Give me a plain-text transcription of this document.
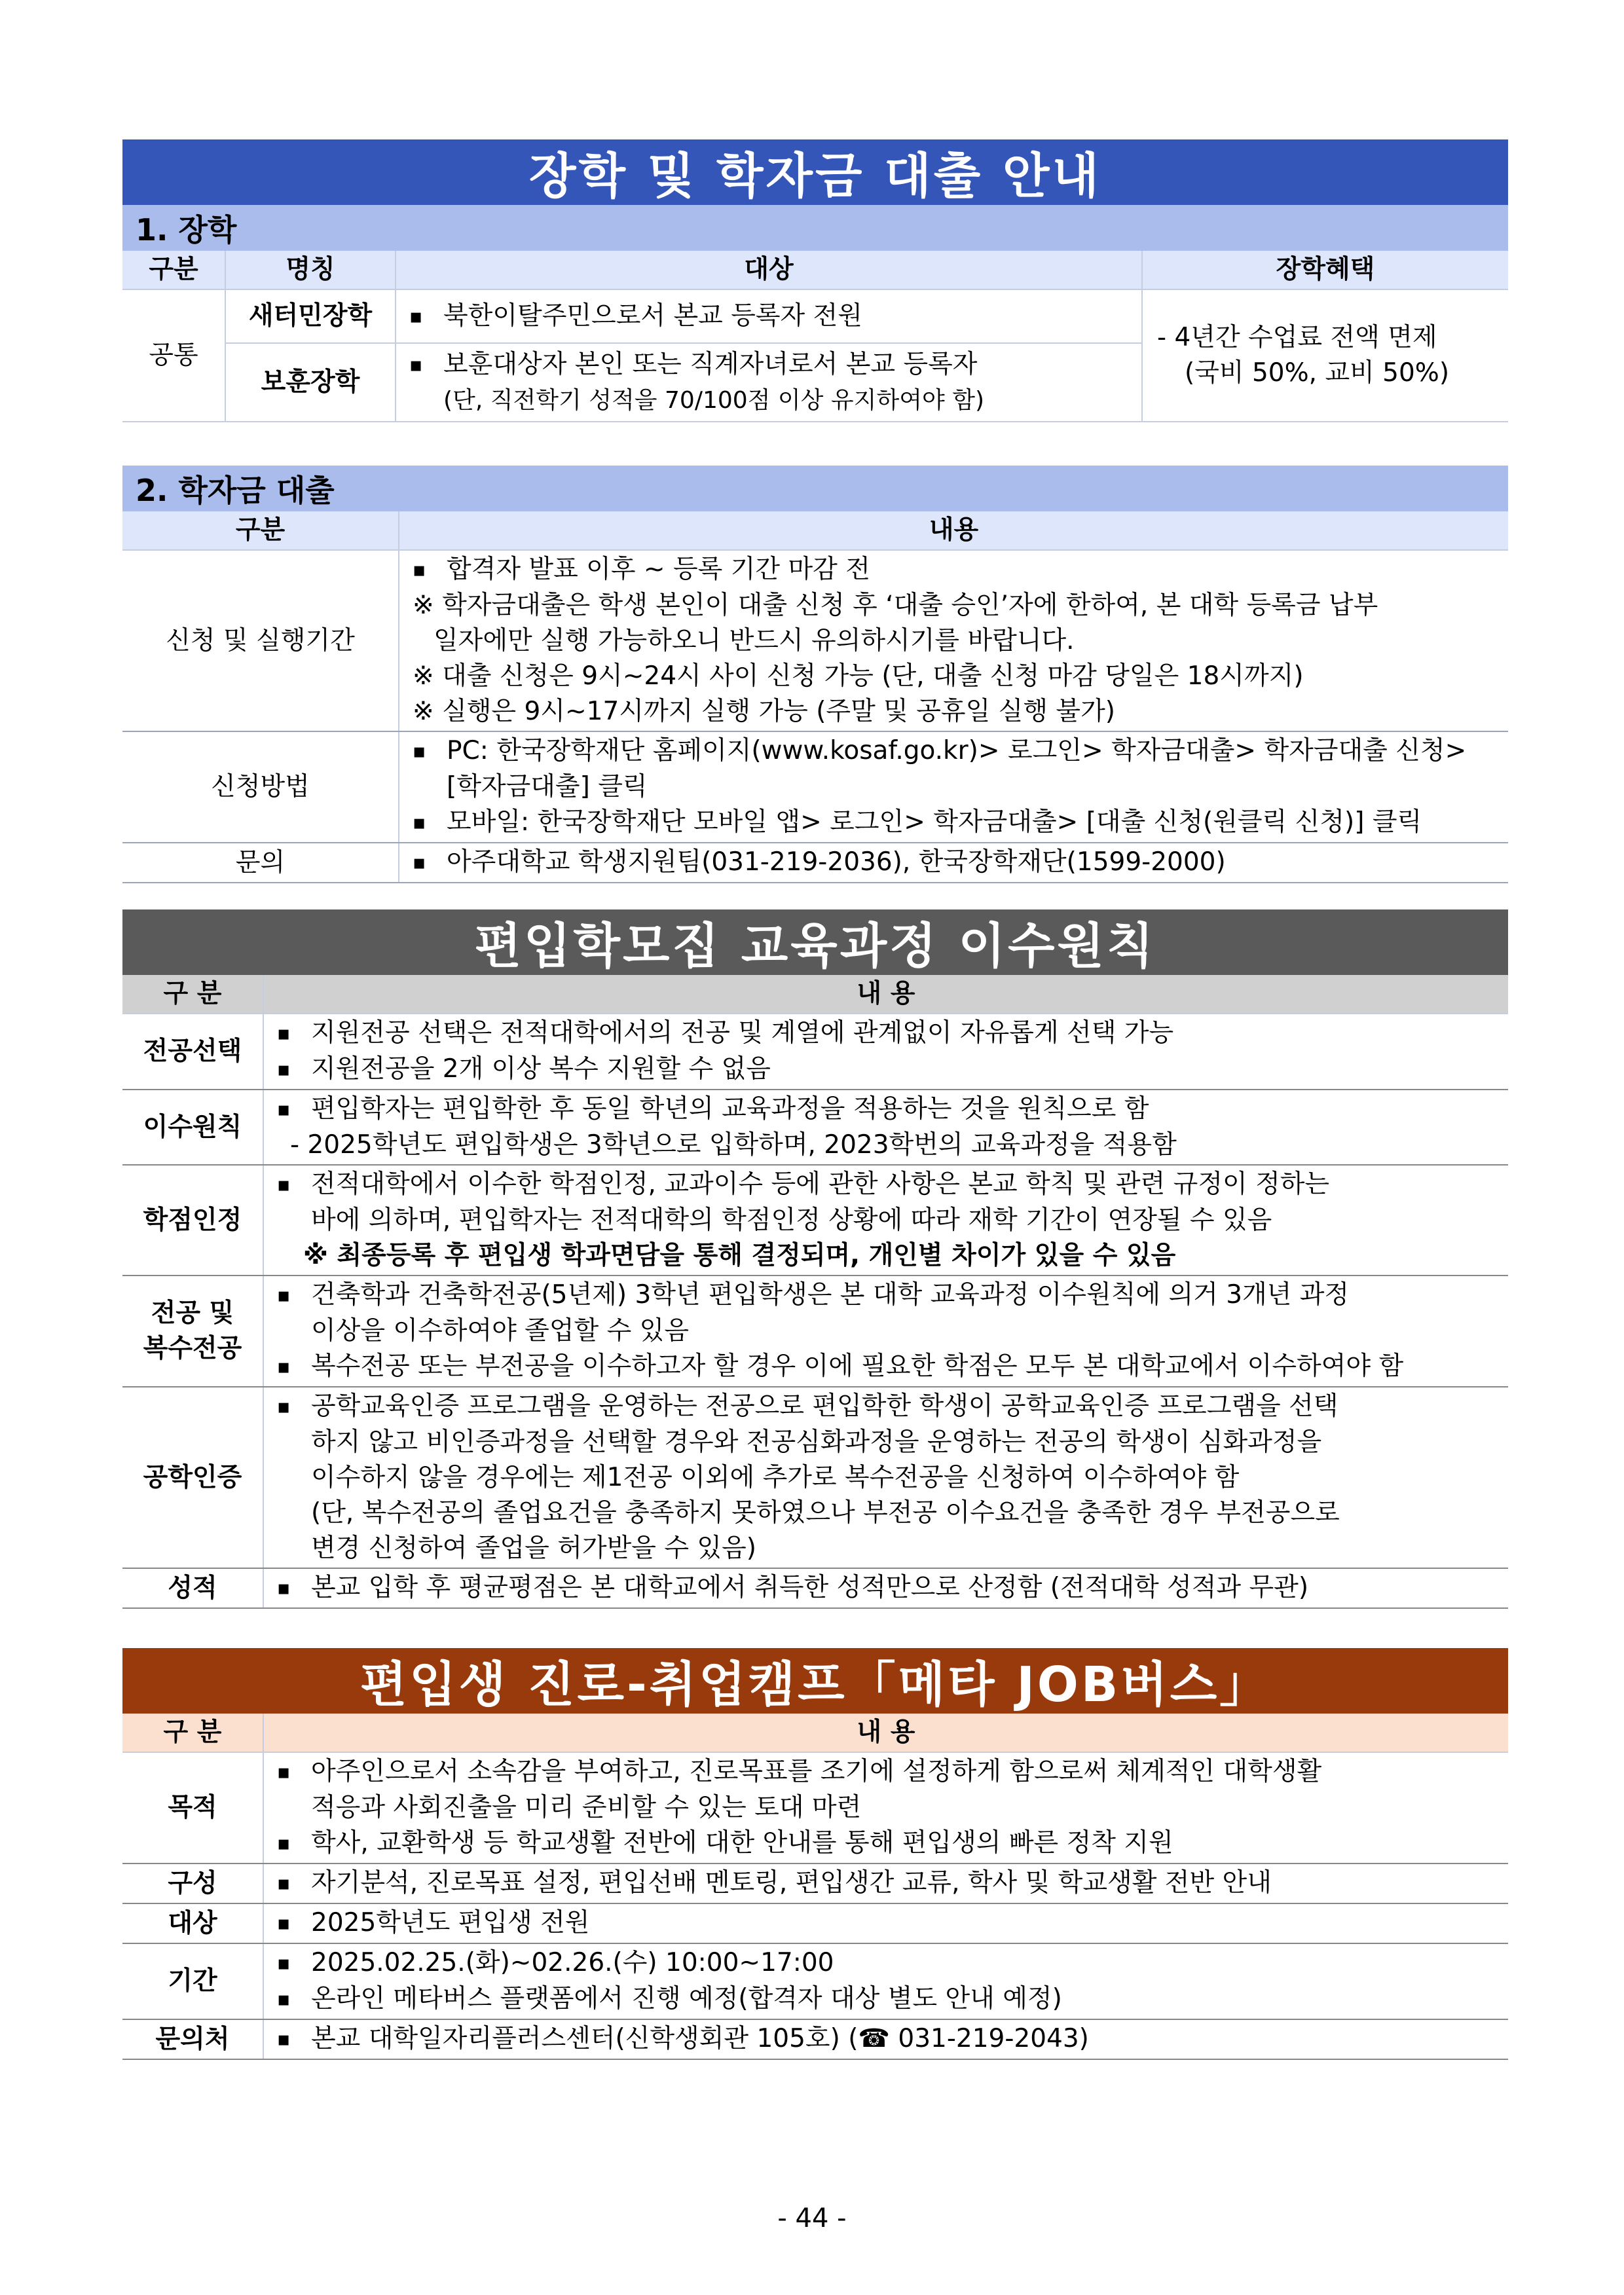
장학 및 학자금 대출 안내
1. 장학
구분	명칭	대상	장학혜택
공통	새터민장학	▪북한이탈주민으로서 본교 등록자 전원	- 4년간 수업료 전액 면제
(국비 50%, 교비 50%)

	보훈장학	
▪ 보훈대상자 본인 또는 직계자녀로서 본교 등록자
(단, 직전학기 성적을 70/100점 이상 유지하여야 함)
2. 학자금 대출
구분	내용
신청 및 실행기간	
▪ 합격자 발표 이후 ~ 등록 기간 마감 전
※ 학자금대출은 학생 본인이 대출 신청 후 ‘대출 승인’자에 한하여, 본 대학 등록금 납부
일자에만 실행 가능하오니 반드시 유의하시기를 바랍니다.
※ 대출 신청은 9시~24시 사이 신청 가능 (단, 대출 신청 마감 당일은 18시까지)
※ 실행은 9시~17시까지 실행 가능 (주말 및 공휴일 실행 불가)

신청방법	
▪ PC: 한국장학재단 홈페이지(www.kosaf.go.kr)> 로그인> 학자금대출> 학자금대출 신청>
[학자금대출] 클릭
▪ 모바일: 한국장학재단 모바일 앱> 로그인> 학자금대출> [대출 신청(원클릭 신청)] 클릭

문의	▪아주대학교 학생지원팀(031-219-2036), 한국장학재단(1599-2000)
편입학모집 교육과정 이수원칙
구 분	내 용
전공선택	
▪ 지원전공 선택은 전적대학에서의 전공 및 계열에 관계없이 자유롭게 선택 가능
▪ 지원전공을 2개 이상 복수 지원할 수 없음

이수원칙	
▪ 편입학자는 편입학한 후 동일 학년의 교육과정을 적용하는 것을 원칙으로 함
- 2025학년도 편입학생은 3학년으로 입학하며, 2023학번의 교육과정을 적용함

학점인정	
▪ 전적대학에서 이수한 학점인정, 교과이수 등에 관한 사항은 본교 학칙 및 관련 규정이 정하는
바에 의하며, 편입학자는 전적대학의 학점인정 상황에 따라 재학 기간이 연장될 수 있음
※ 최종등록 후 편입생 학과면담을 통해 결정되며, 개인별 차이가 있을 수 있음

전공 및
복수전공

▪ 건축학과 건축학전공(5년제) 3학년 편입학생은 본 대학 교육과정 이수원칙에 의거 3개년 과정
이상을 이수하여야 졸업할 수 있음
▪ 복수전공 또는 부전공을 이수하고자 할 경우 이에 필요한 학점은 모두 본 대학교에서 이수하여야 함

공학인증	
▪ 공학교육인증 프로그램을 운영하는 전공으로 편입학한 학생이 공학교육인증 프로그램을 선택
하지 않고 비인증과정을 선택할 경우와 전공심화과정을 운영하는 전공의 학생이 심화과정을
이수하지 않을 경우에는 제1전공 이외에 추가로 복수전공을 신청하여 이수하여야 함
(단, 복수전공의 졸업요건을 충족하지 못하였으나 부전공 이수요건을 충족한 경우 부전공으로
변경 신청하여 졸업을 허가받을 수 있음)

성적	▪본교 입학 후 평균평점은 본 대학교에서 취득한 성적만으로 산정함 (전적대학 성적과 무관)
편입생 진로-취업캠프「메타 JOB버스」
구 분	내 용
목적	
▪ 아주인으로서 소속감을 부여하고, 진로목표를 조기에 설정하게 함으로써 체계적인 대학생활
적응과 사회진출을 미리 준비할 수 있는 토대 마련
▪ 학사, 교환학생 등 학교생활 전반에 대한 안내를 통해 편입생의 빠른 정착 지원

구성	▪자기분석, 진로목표 설정, 편입선배 멘토링, 편입생간 교류, 학사 및 학교생활 전반 안내
대상	▪2025학년도 편입생 전원
기간	
▪ 2025.02.25.(화)~02.26.(수) 10:00~17:00
▪ 온라인 메타버스 플랫폼에서 진행 예정(합격자 대상 별도 안내 예정)

문의처	▪본교 대학일자리플러스센터(신학생회관 105호) (☎ 031-219-2043)
- 44 -
